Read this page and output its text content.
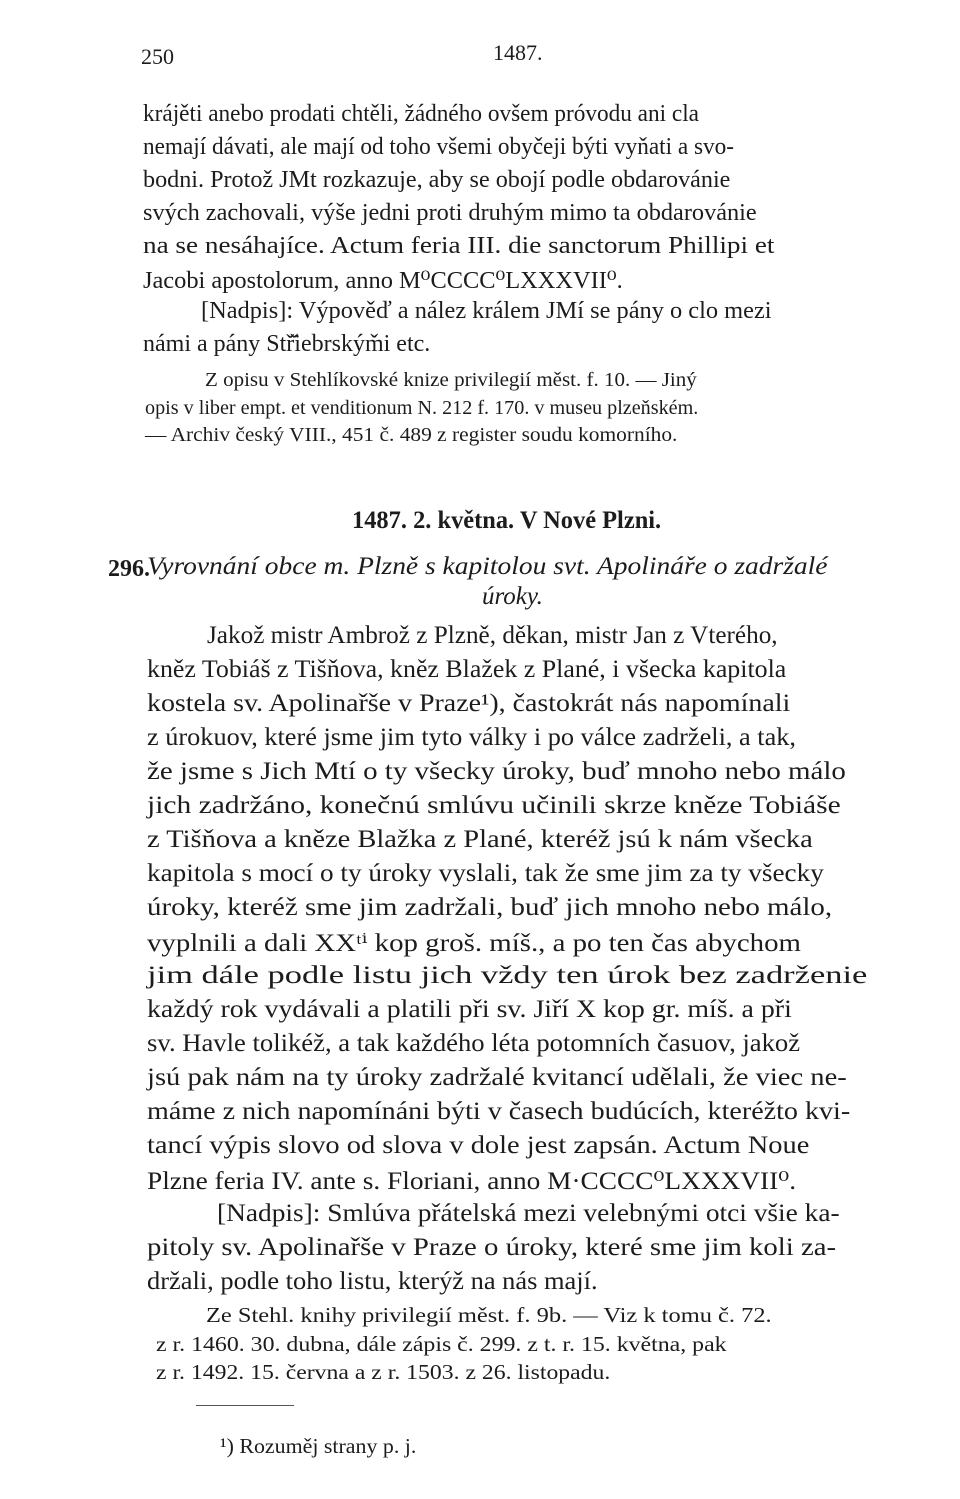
250	1487.
krájěti anebo prodati chtěli, žádného ovšem próvodu ani cla
nemají dávati, ale mají od toho všemi obyčeji býti vyňati a svo-
bodni. Protož JMt rozkazuje, aby se obojí podle obdarovánie
svých zachovali, výše jedni proti druhým mimo ta obdarovánie
na se nesáhajíce. Actum feria III. die sanctorum Phillipi et
Jacobi apostolorum, anno M⁰CCCC⁰LXXXVII⁰.
[Nadpis]: Výpověď a nález králem JMí se pány o clo mezi
námi a pány Stř̌iebrským̌i etc.
Z opisu v Stehlíkovské knize privilegií měst. f. 10. — Jiný
opis v liber empt. et venditionum N. 212 f. 170. v museu plzeňském.
— Archiv český VIII., 451 č. 489 z register soudu komorního.
1487. 2. května. V Nové Plzni.
296.
Vyrovnání obce m. Plzně s kapitolou svt. Apolináře o zadržalé
úroky.
Jakož mistr Ambrož z Plzně, děkan, mistr Jan z Vterého,
kněz Tobiáš z Tišňova, kněz Blažek z Plané, i všecka kapitola
kostela sv. Apolinařše v Praze¹), častokrát nás napomínali
z úrokuov, které jsme jim tyto války i po válce zadrželi, a tak,
že jsme s Jich Mtí o ty všecky úroky, buď mnoho nebo málo
jich zadržáno, konečnú smlúvu učinili skrze kněze Tobiáše
z Tišňova a kněze Blažka z Plané, kteréž jsú k nám všecka
kapitola s mocí o ty úroky vyslali, tak že sme jim za ty všecky
úroky, kteréž sme jim zadržali, buď jich mnoho nebo málo,
vyplnili a dali XXᵗⁱ kop groš. míš., a po ten čas abychom
jim dále podle listu jich vždy ten úrok bez zadrženie
každý rok vydávali a platili při sv. Jiří X kop gr. míš. a při
sv. Havle tolikéž, a tak každého léta potomních časuov, jakož
jsú pak nám na ty úroky zadržalé kvitancí udělali, že viec ne-
máme z nich napomínáni býti v časech budúcích, kteréžto kvi-
tancí výpis slovo od slova v dole jest zapsán. Actum Noue
Plzne feria IV. ante s. Floriani, anno M·CCCC⁰LXXXVII⁰.
[Nadpis]: Smlúva přátelská mezi velebnými otci všie ka-
pitoly sv. Apolinařše v Praze o úroky, které sme jim koli za-
držali, podle toho listu, kterýž na nás mají.
Ze Stehl. knihy privilegií měst. f. 9b. — Viz k tomu č. 72.
z r. 1460. 30. dubna, dále zápis č. 299. z t. r. 15. května, pak
z r. 1492. 15. června a z r. 1503. z 26. listopadu.
¹) Rozuměj strany p. j.
